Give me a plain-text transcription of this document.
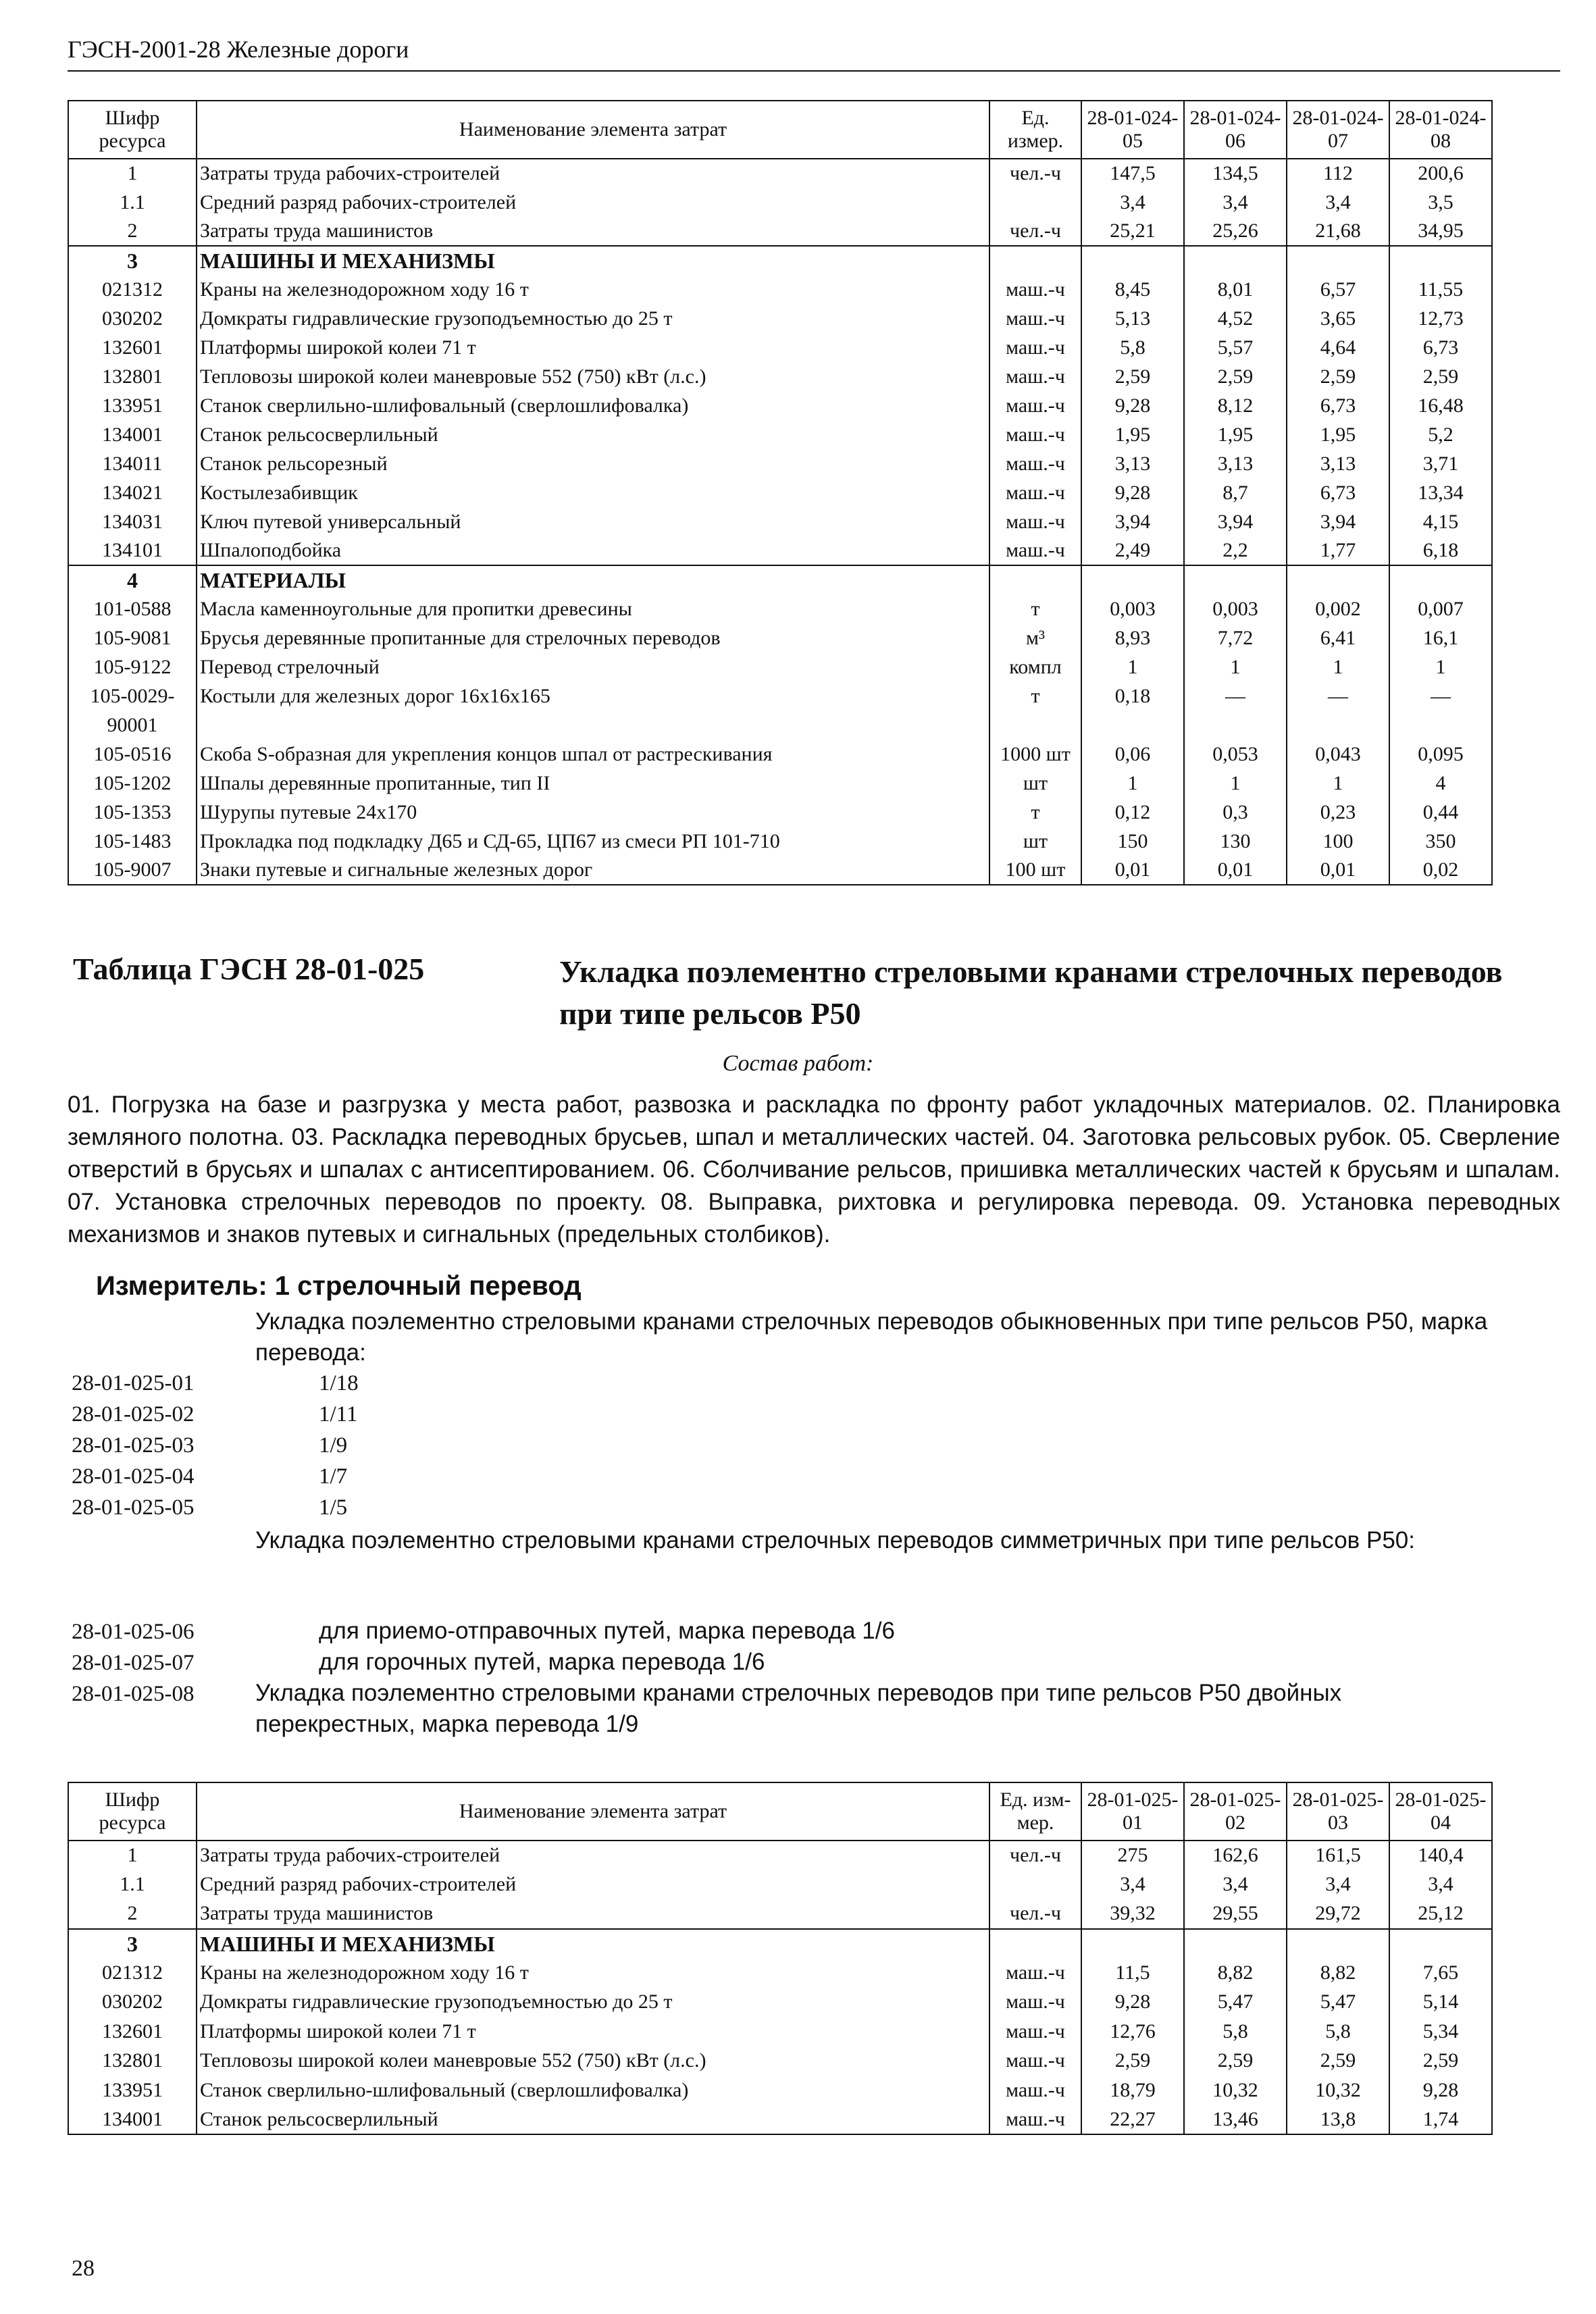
ГЭСН-2001-28 Железные дороги
Шифр ресурса	Наименование элемента затрат	Ед. измер.	28-01-024-05	28-01-024-06	28-01-024-07	28-01-024-08
1	Затраты труда рабочих-строителей	чел.-ч	147,5	134,5	112	200,6
1.1	Средний разряд рабочих-строителей		3,4	3,4	3,4	3,5
2	Затраты труда машинистов	чел.-ч	25,21	25,26	21,68	34,95
3	МАШИНЫ И МЕХАНИЗМЫ					
021312	Краны на железнодорожном ходу 16 т	маш.-ч	8,45	8,01	6,57	11,55
030202	Домкраты гидравлические грузоподъемностью до 25 т	маш.-ч	5,13	4,52	3,65	12,73
132601	Платформы широкой колеи 71 т	маш.-ч	5,8	5,57	4,64	6,73
132801	Тепловозы широкой колеи маневровые 552 (750) кВт (л.с.)	маш.-ч	2,59	2,59	2,59	2,59
133951	Станок сверлильно-шлифовальный (сверлошлифовалка)	маш.-ч	9,28	8,12	6,73	16,48
134001	Станок рельсосверлильный	маш.-ч	1,95	1,95	1,95	5,2
134011	Станок рельсорезный	маш.-ч	3,13	3,13	3,13	3,71
134021	Костылезабивщик	маш.-ч	9,28	8,7	6,73	13,34
134031	Ключ путевой универсальный	маш.-ч	3,94	3,94	3,94	4,15
134101	Шпалоподбойка	маш.-ч	2,49	2,2	1,77	6,18
4	МАТЕРИАЛЫ					
101-0588	Масла каменноугольные для пропитки древесины	т	0,003	0,003	0,002	0,007
105-9081	Брусья деревянные пропитанные для стрелочных переводов	м³	8,93	7,72	6,41	16,1
105-9122	Перевод стрелочный	компл	1	1	1	1
105-0029-	Костыли для железных дорог 16х16х165	т	0,18	—	—	—
90001						
105-0516	Скоба S-образная для укрепления концов шпал от растрескивания	1000 шт	0,06	0,053	0,043	0,095
105-1202	Шпалы деревянные пропитанные, тип II	шт	1	1	1	4
105-1353	Шурупы путевые 24х170	т	0,12	0,3	0,23	0,44
105-1483	Прокладка под подкладку Д65 и СД-65, ЦП67 из смеси РП 101-710	шт	150	130	100	350
105-9007	Знаки путевые и сигнальные железных дорог	100 шт	0,01	0,01	0,01	0,02
Таблица ГЭСН 28-01-025	Укладка поэлементно стреловыми кранами стрелочных переводов при типе рельсов Р50
Состав работ:
01. Погрузка на базе и разгрузка у места работ, развозка и раскладка по фронту работ укладочных материалов. 02. Планировка земляного полотна. 03. Раскладка переводных брусьев, шпал и металлических частей. 04. Заготовка рельсовых рубок. 05. Сверление отверстий в брусьях и шпалах с антисептированием. 06. Сболчивание рельсов, пришивка металлических частей к брусьям и шпалам. 07. Установка стрелочных переводов по проекту. 08. Выправка, рихтовка и регулировка перевода. 09. Установка переводных механизмов и знаков путевых и сигнальных (предельных столбиков).
Измеритель: 1 стрелочный перевод
Укладка поэлементно стреловыми кранами стрелочных переводов обыкновенных при типе рельсов Р50, марка перевода:
28-01-025-01	1/18
28-01-025-02	1/11
28-01-025-03	1/9
28-01-025-04	1/7
28-01-025-05	1/5
Укладка поэлементно стреловыми кранами стрелочных переводов симметричных при типе рельсов Р50:
28-01-025-06	для приемо-отправочных путей, марка перевода 1/6
28-01-025-07	для горочных путей, марка перевода 1/6
28-01-025-08	Укладка поэлементно стреловыми кранами стрелочных переводов при типе рельсов Р50 двойных перекрестных, марка перевода 1/9
Шифр ресурса	Наименование элемента затрат	Ед. изм-мер.	28-01-025-01	28-01-025-02	28-01-025-03	28-01-025-04
1	Затраты труда рабочих-строителей	чел.-ч	275	162,6	161,5	140,4
1.1	Средний разряд рабочих-строителей		3,4	3,4	3,4	3,4
2	Затраты труда машинистов	чел.-ч	39,32	29,55	29,72	25,12
3	МАШИНЫ И МЕХАНИЗМЫ					
021312	Краны на железнодорожном ходу 16 т	маш.-ч	11,5	8,82	8,82	7,65
030202	Домкраты гидравлические грузоподъемностью до 25 т	маш.-ч	9,28	5,47	5,47	5,14
132601	Платформы широкой колеи 71 т	маш.-ч	12,76	5,8	5,8	5,34
132801	Тепловозы широкой колеи маневровые 552 (750) кВт (л.с.)	маш.-ч	2,59	2,59	2,59	2,59
133951	Станок сверлильно-шлифовальный (сверлошлифовалка)	маш.-ч	18,79	10,32	10,32	9,28
134001	Станок рельсосверлильный	маш.-ч	22,27	13,46	13,8	1,74
28
